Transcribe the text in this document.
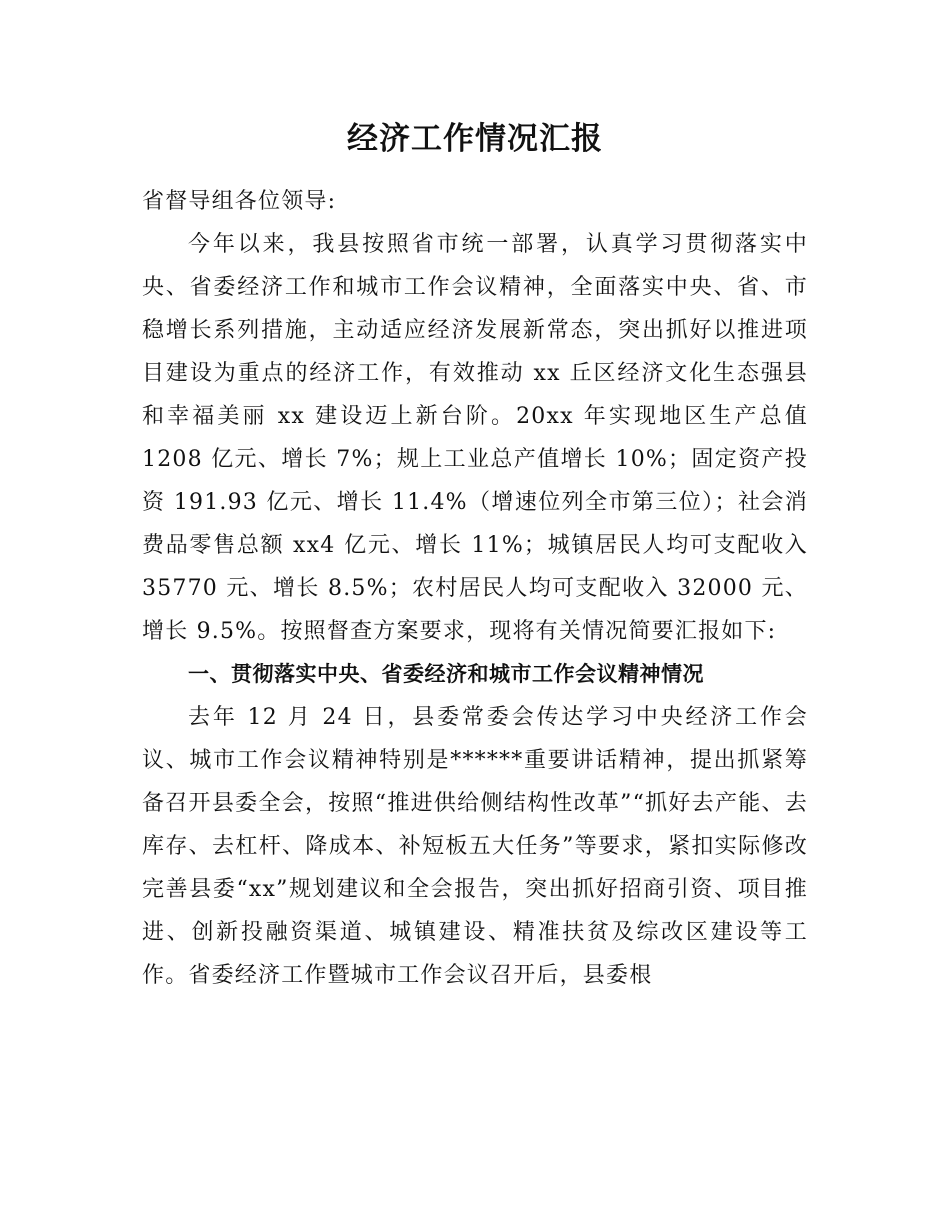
经济工作情况汇报

省督导组各位领导:

今年以来，我县按照省市统一部署，认真学习贯彻落实中央、省委经济工作和城市工作会议精神，全面落实中央、省、市稳增长系列措施，主动适应经济发展新常态，突出抓好以推进项目建设为重点的经济工作，有效推动 xx 丘区经济文化生态强县和幸福美丽 xx 建设迈上新台阶。20xx 年实现地区生产总值 1208 亿元、增长 7%；规上工业总产值增长 10%；固定资产投资 191.93 亿元、增长 11.4%（增速位列全市第三位）；社会消费品零售总额 xx4 亿元、增长 11%；城镇居民人均可支配收入 35770 元、增长 8.5%；农村居民人均可支配收入 32000 元、增长 9.5%。按照督查方案要求，现将有关情况简要汇报如下:

一、贯彻落实中央、省委经济和城市工作会议精神情况

去年 12 月 24 日，县委常委会传达学习中央经济工作会议、城市工作会议精神特别是******重要讲话精神，提出抓紧筹备召开县委全会，按照“推进供给侧结构性改革”“抓好去产能、去库存、去杠杆、降成本、补短板五大任务”等要求，紧扣实际修改完善县委“xx”规划建议和全会报告，突出抓好招商引资、项目推进、创新投融资渠道、城镇建设、精准扶贫及综改区建设等工作。省委经济工作暨城市工作会议召开后，县委根
